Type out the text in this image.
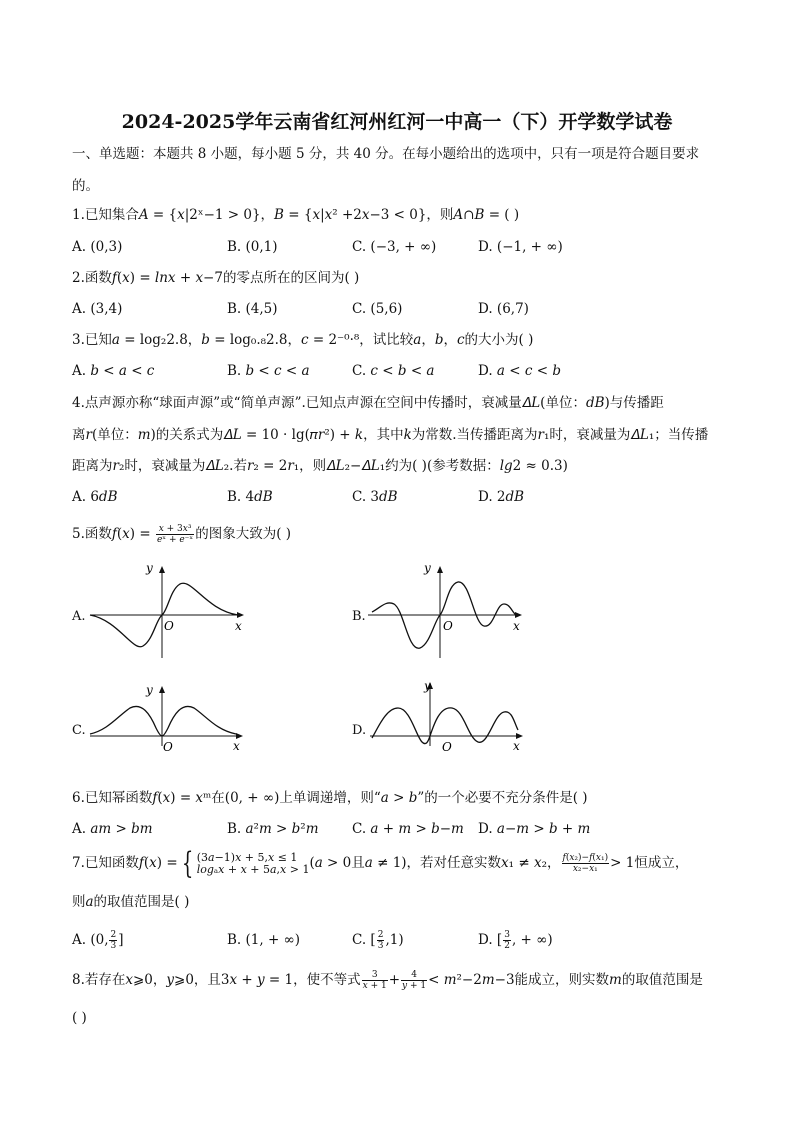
2024-2025学年云南省红河州红河一中高一（下）开学数学试卷
一、单选题：本题共 8 小题，每小题 5 分，共 40 分。在每小题给出的选项中，只有一项是符合题目要求
的。
1.已知集合𝐴 = {𝑥|2ˣ−1 > 0}，𝐵 = {𝑥|𝑥² +2𝑥−3 < 0}，则𝐴∩𝐵 = ( )
A. (0,3)	B. (0,1)	C. (−3, + ∞)	D. (−1, + ∞)
2.函数𝑓(𝑥) = 𝑙𝑛𝑥 + 𝑥−7的零点所在的区间为( )
A. (3,4)	B. (4,5)	C. (5,6)	D. (6,7)
3.已知𝑎 = log₂2.8，𝑏 = log₀.₈2.8，𝑐 = 2⁻⁰·⁸，试比较𝑎，𝑏，𝑐的大小为( )
A. 𝑏 < 𝑎 < 𝑐	B. 𝑏 < 𝑐 < 𝑎	C. 𝑐 < 𝑏 < 𝑎	D. 𝑎 < 𝑐 < 𝑏
4.点声源亦称“球面声源”或“简单声源”.已知点声源在空间中传播时，衰减量𝛥𝐿(单位：𝑑𝐵)与传播距
离𝑟(单位：𝑚)的关系式为𝛥𝐿 = 10 · lg(𝜋𝑟²) + 𝑘，其中𝑘为常数.当传播距离为𝑟₁时，衰减量为𝛥𝐿₁；当传播
距离为𝑟₂时，衰减量为𝛥𝐿₂.若𝑟₂ = 2𝑟₁，则𝛥𝐿₂−𝛥𝐿₁约为( )(参考数据：𝑙𝑔2 ≈ 0.3)
A. 6𝑑𝐵	B. 4𝑑𝐵	C. 3𝑑𝐵	D. 2𝑑𝐵
5.函数𝑓(𝑥) = $\frac{\text{𝑥 + 3𝑥³}}{\text{𝑒ˣ + 𝑒⁻ˣ}}$ 的图象大致为( )
A.
𝑦
𝑥
𝑂
B.
𝑦
𝑥
𝑂
C.
𝑦
𝑥
𝑂
D.
𝑦
𝑥
𝑂
6.已知幂函数𝑓(𝑥) = 𝑥ᵐ在(0, + ∞)上单调递增，则“𝑎 > 𝑏”的一个必要不充分条件是( )
A. 𝑎𝑚 > 𝑏𝑚	B. 𝑎²𝑚 > 𝑏²𝑚 C. 𝑎 + 𝑚 > 𝑏−𝑚 D. 𝑎−𝑚 > 𝑏 + 𝑚
7.已知函数𝑓(𝑥) = { (3𝑎−1)𝑥 + 5,𝑥 ≤ 1
𝑙𝑜𝑔ₐ𝑥 + 𝑥 + 5𝑎,𝑥 > 1 (𝑎 > 0且𝑎 ≠ 1)，若对任意实数𝑥₁ ≠ 𝑥₂， $\frac{\text{𝑓(𝑥₂)−𝑓(𝑥₁)}}{\text{𝑥₂−𝑥₁}} > 1$恒成立，
则𝑎的取值范围是( )
A. (0, $\frac{2}{3}$ ]	B. (1, + ∞)	C. [ $\frac{2}{3} ,1$)	D. [ $\frac{3}{2}$ , + ∞)
8.若存在𝑥⩾0，𝑦⩾0，且3𝑥 + 𝑦 = 1，使不等式 $\frac{3}{\text{𝑥 + 1}} + \frac{4}{\text{𝑦 + 1}}$ < 𝑚²−2𝑚−3能成立，则实数𝑚的取值范围是
( )
